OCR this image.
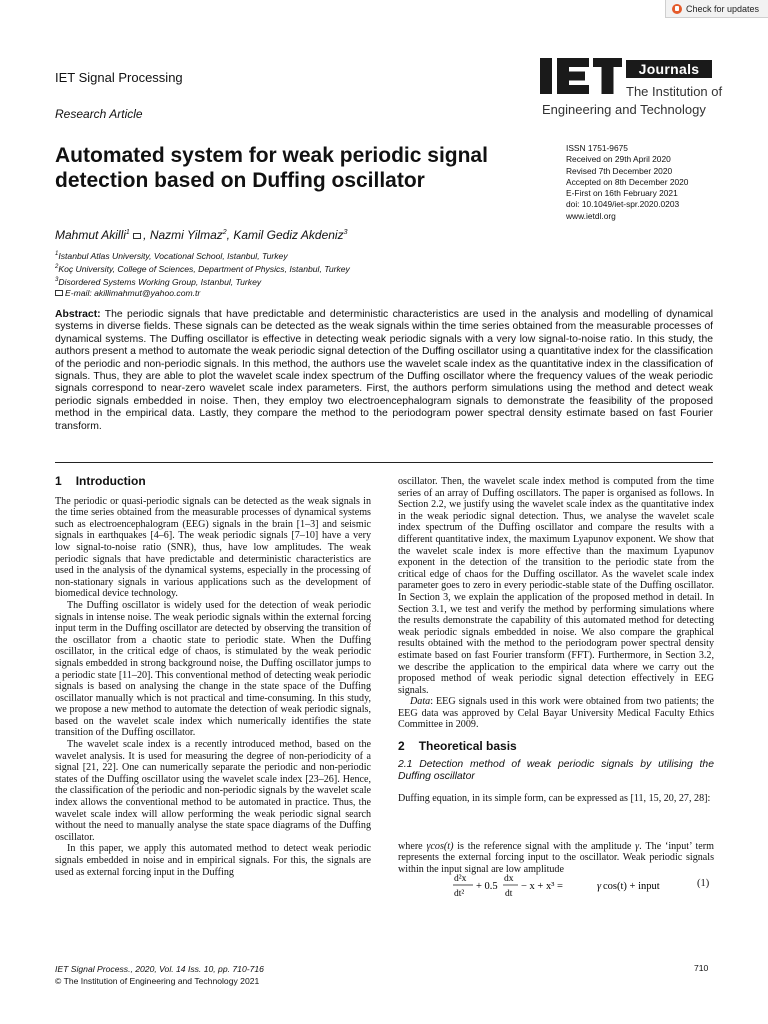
Check for updates
IET Signal Processing
Research Article
Journals
The Institution of
Engineering and Technology
Automated system for weak periodic signal detection based on Duffing oscillator
ISSN 1751-9675
Received on 29th April 2020
Revised 7th December 2020
Accepted on 8th December 2020
E-First on 16th February 2021
doi: 10.1049/iet-spr.2020.0203
www.ietdl.org
Mahmut Akilli$^1$ , Nazmi Yilmaz$^2$, Kamil Gediz Akdeniz$^3$
$^1$Istanbul Atlas University, Vocational School, Istanbul, Turkey
$^2$Koç University, College of Sciences, Department of Physics, Istanbul, Turkey
$^3$Disordered Systems Working Group, Istanbul, Turkey
E-mail: akillimahmut@yahoo.com.tr
Abstract: The periodic signals that have predictable and deterministic characteristics are used in the analysis and modelling of dynamical systems in diverse fields. These signals can be detected as the weak signals within the time series obtained from the measurable processes of dynamical systems. The Duffing oscillator is effective in detecting weak periodic signals with a very low signal-to-noise ratio. In this study, the authors present a method to automate the weak periodic signal detection of the Duffing oscillator using a quantitative index for the classification of the periodic and non-periodic signals. In this method, the authors use the wavelet scale index as the quantitative index in the classification of signals. Thus, they are able to plot the wavelet scale index spectrum of the Duffing oscillator where the frequency values of the weak periodic signals correspond to near-zero wavelet scale index parameters. First, the authors perform simulations using the method and detect weak periodic signals embedded in noise. Then, they employ two electroencephalogram signals to demonstrate the feasibility of the proposed method in the empirical data. Lastly, they compare the method to the periodogram power spectral density estimate based on fast Fourier transform.
1 Introduction

The periodic or quasi-periodic signals can be detected as the weak signals in the time series obtained from the measurable processes of dynamical systems such as electroencephalogram (EEG) signals in the brain [1–3] and seismic signals in earthquakes [4–6]. The weak periodic signals [7–10] have a very low signal-to-noise ratio (SNR), thus, have low amplitudes. The weak periodic signals that have predictable and deterministic characteristics are used in the analysis of the dynamical systems, especially in the processing of non-stationary signals in various applications such as the development of biomedical device technology.

The Duffing oscillator is widely used for the detection of weak periodic signals in intense noise. The weak periodic signals within the external forcing input term in the Duffing oscillator are detected by observing the transition of the oscillator from a chaotic state to periodic state. When the Duffing oscillator, in the critical edge of chaos, is stimulated by the weak periodic signals embedded in strong background noise, the Duffing oscillator jumps to a periodic state [11–20]. This conventional method of detecting weak periodic signals is based on analysing the change in the state space of the Duffing oscillator manually which is not practical and time-consuming. In this study, we propose a new method to automate the detection of weak periodic signals, based on the wavelet scale index which numerically identifies the state transition of the Duffing oscillator.

The wavelet scale index is a recently introduced method, based on the wavelet analysis. It is used for measuring the degree of non-periodicity of a signal [21, 22]. One can numerically separate the periodic and non-periodic states of the Duffing oscillator using the wavelet scale index [23–26]. Hence, the classification of the periodic and non-periodic signals by the wavelet scale index allows the conventional method to be automated in practice. Thus, the wavelet scale index will allow performing the weak periodic signal search without the need to manually analyse the state space diagrams of the Duffing oscillator.

In this paper, we apply this automated method to detect weak periodic signals embedded in noise and in empirical signals. For this, the signals are used as external forcing input in the Duffing

oscillator. Then, the wavelet scale index method is computed from the time series of an array of Duffing oscillators. The paper is organised as follows. In Section 2.2, we justify using the wavelet scale index as the quantitative index in the weak periodic signal detection. Thus, we analyse the wavelet scale index spectrum of the Duffing oscillator and compare the results with a different quantitative index, the maximum Lyapunov exponent. We show that the wavelet scale index is more effective than the maximum Lyapunov exponent in the detection of the transition to the periodic state from the critical edge of chaos for the Duffing oscillator. As the wavelet scale index parameter goes to zero in every periodic-stable state of the Duffing oscillator. In Section 3, we explain the application of the proposed method in detail. In Section 3.1, we test and verify the method by performing simulations where the results demonstrate the capability of this automated method for detecting weak periodic signals embedded in noise. We also compare the graphical results obtained with the method to the periodogram power spectral density estimate based on fast Fourier transform (FFT). Furthermore, in Section 3.2, we describe the application to the empirical data where we carry out the proposed method of weak periodic signal detection effectively in EEG signals.

Data: EEG signals used in this work were obtained from two patients; the EEG data was approved by Celal Bayar University Medical Faculty Ethics Committee in 2009.

2 Theoretical basis
2.1 Detection method of weak periodic signals by utilising the Duffing oscillator

Duffing equation, in its simple form, can be expressed as [11, 15, 20, 27, 28]:

where γcos(t) is the reference signal with the amplitude γ. The ‘input’ term represents the external forcing input to the oscillator. Weak periodic signals within the input signal are low amplitude

d²x
dt²
+ 0.5
dx
dt
− x + x³ =	γ cos(t) + input	(1)
IET Signal Process., 2020, Vol. 14 Iss. 10, pp. 710-716
© The Institution of Engineering and Technology 2021
710
